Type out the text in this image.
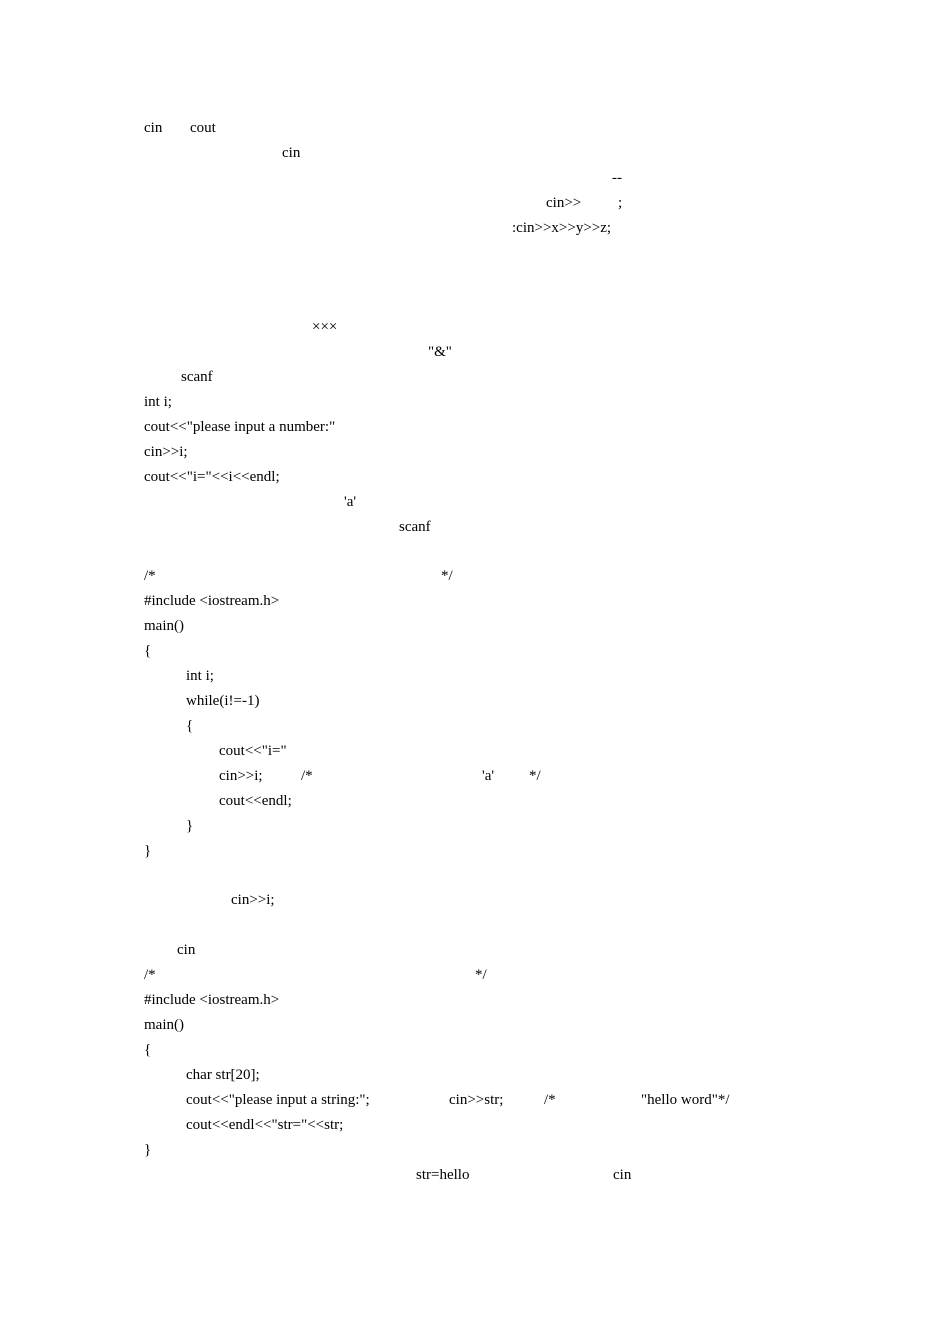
cin cout
cin
--
cin>> ;
:cin>>x>>y>>z;
×××
"&"
scanf
int i;
cout<<"please input a number:"
cin>>i;
cout<<"i="<<i<<endl;
'a'
scanf
/*	*/
#include <iostream.h>
main()
{
int i;
while(i!=-1)
{
cout<<"i="
cin>>i;	/*	'a' */
cout<<endl;
}
}
cin>>i;
cin
/*	*/
#include <iostream.h>
main()
{
char str[20];
cout<<"please input a string:";	cin>>str;	/*	"hello word"*/
cout<<endl<<"str="<<str;
}
str=hello	cin
